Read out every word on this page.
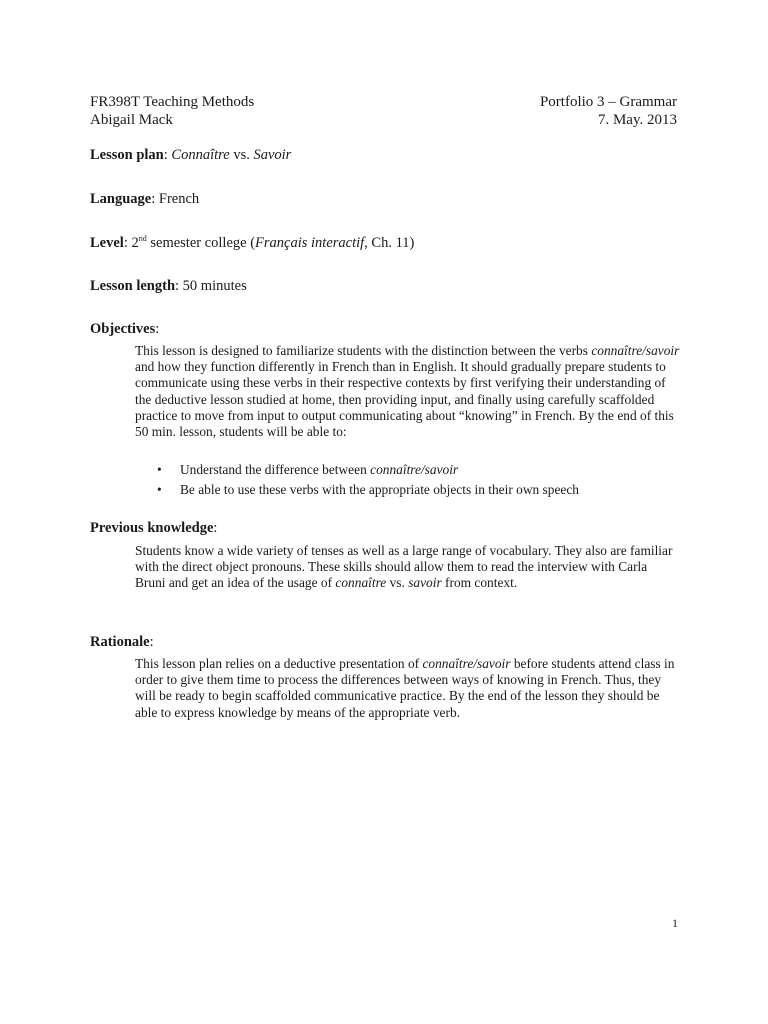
FR398T Teaching Methods	Portfolio 3 – Grammar
Abigail Mack	7. May. 2013
Lesson plan: Connaître vs. Savoir
Language: French
Level: 2nd semester college (Français interactif, Ch. 11)
Lesson length: 50 minutes
Objectives:

This lesson is designed to familiarize students with the distinction between the verbs connaître/savoir and how they function differently in French than in English. It should gradually prepare students to communicate using these verbs in their respective contexts by first verifying their understanding of the deductive lesson studied at home, then providing input, and finally using carefully scaffolded practice to move from input to output communicating about “knowing” in French. By the end of this 50 min. lesson, students will be able to:

• Understand the difference between connaître/savoir
• Be able to use these verbs with the appropriate objects in their own speech
Previous knowledge:

Students know a wide variety of tenses as well as a large range of vocabulary. They also are familiar with the direct object pronouns. These skills should allow them to read the interview with Carla Bruni and get an idea of the usage of connaître vs. savoir from context.

Rationale:

This lesson plan relies on a deductive presentation of connaître/savoir before students attend class in order to give them time to process the differences between ways of knowing in French. Thus, they will be ready to begin scaffolded communicative practice. By the end of the lesson they should be able to express knowledge by means of the appropriate verb.

1
